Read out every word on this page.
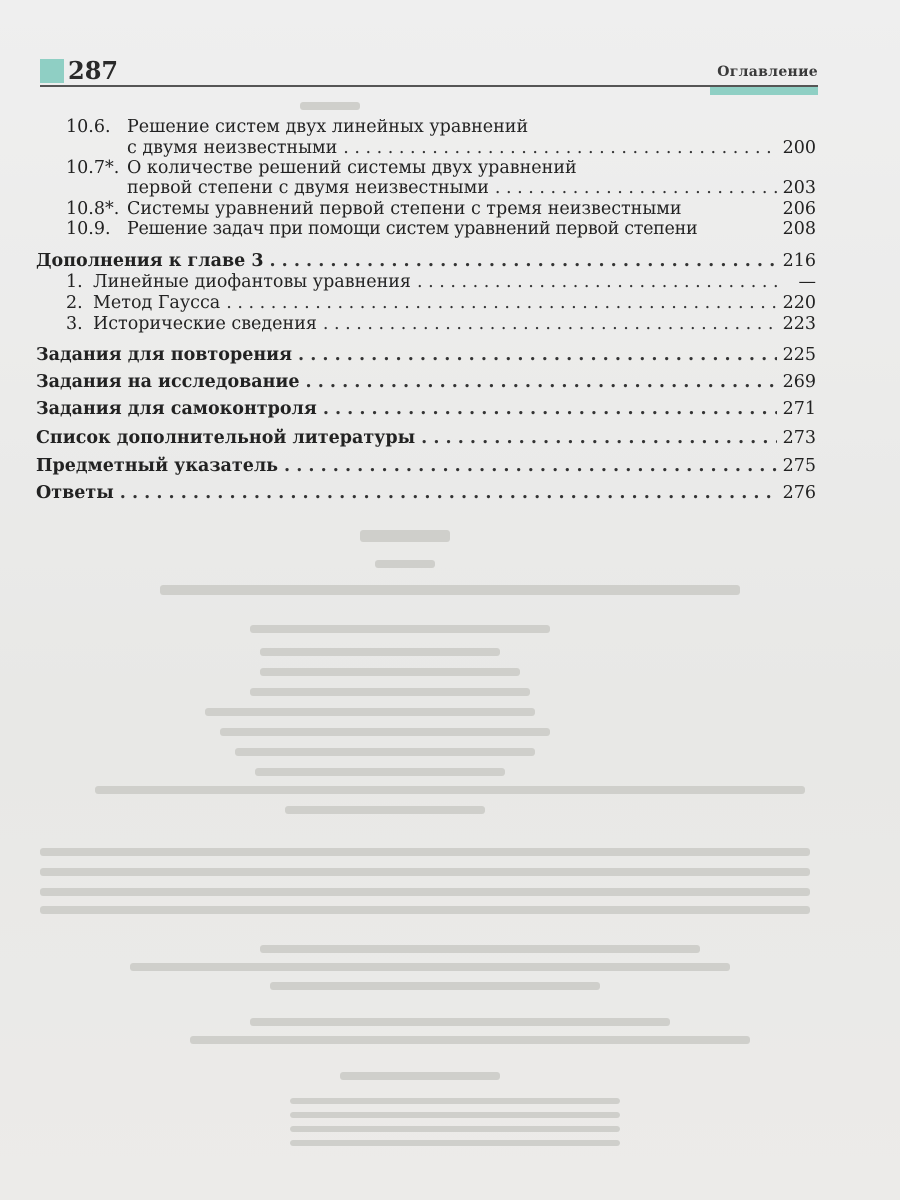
287	Оглавление
10.6. Решение систем двух линейных уравнений
с двумя неизвестными . . .	200
10.7*. О количестве решений системы двух уравнений
первой степени с двумя неизвестными . . .	203
10.8*. Системы уравнений первой степени с тремя неизвестными	206
10.9. Решение задач при помощи систем уравнений первой степени	208
Дополнения к главе 3 . . .	216
1. Линейные диофантовы уравнения . . .	—
2. Метод Гаусса . . .	220
3. Исторические сведения . . .	223
Задания для повторения . . .	225
Задания на исследование . . .	269
Задания для самоконтроля . . .	271
Список дополнительной литературы . . .	273
Предметный указатель . . .	275
Ответы . . .	276
